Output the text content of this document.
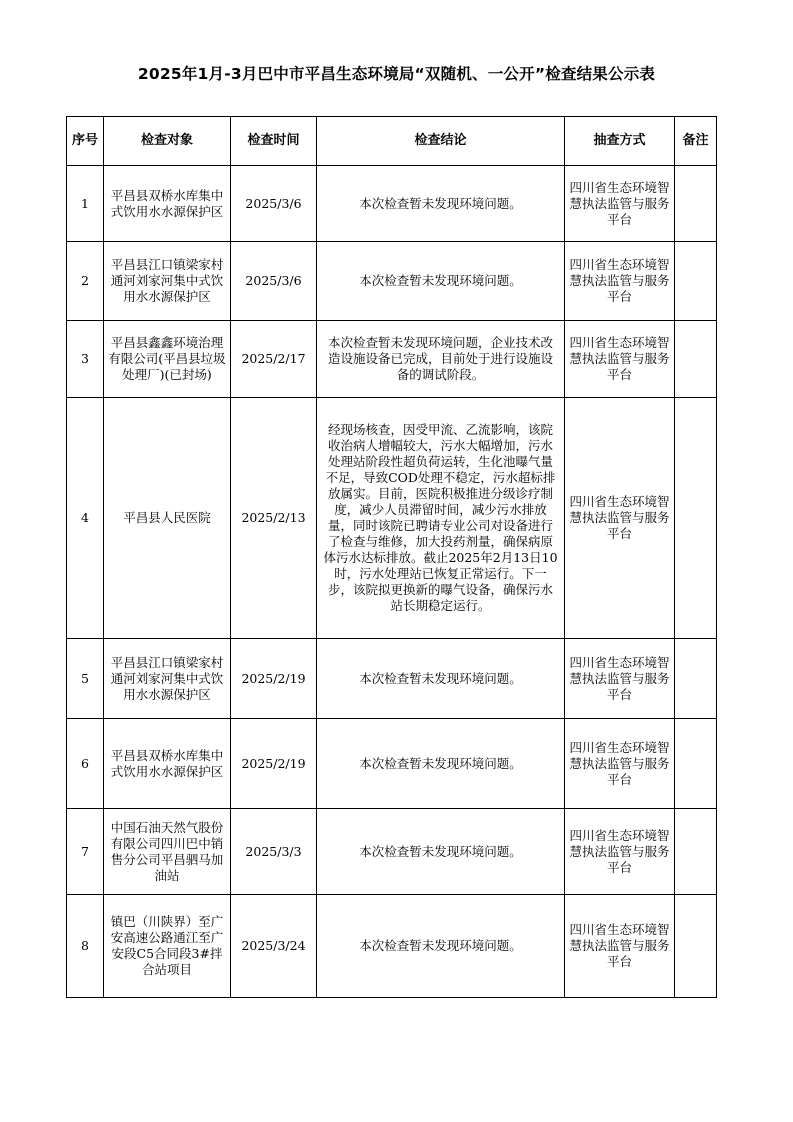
2025年1月-3月巴中市平昌生态环境局“双随机、一公开”检查结果公示表
序号	检查对象	检查时间	检查结论	抽查方式	备注
1	平昌县双桥水库集中式饮用水水源保护区	2025/3/6	本次检查暂未发现环境问题。	四川省生态环境智慧执法监管与服务平台	
2	平昌县江口镇梁家村通河刘家河集中式饮用水水源保护区	2025/3/6	本次检查暂未发现环境问题。	四川省生态环境智慧执法监管与服务平台	
3	平昌县鑫鑫环境治理有限公司(平昌县垃圾处理厂)(已封场)	2025/2/17	本次检查暂未发现环境问题，企业技术改造设施设备已完成，目前处于进行设施设备的调试阶段。	四川省生态环境智慧执法监管与服务平台	
4	平昌县人民医院	2025/2/13	经现场核查，因受甲流、乙流影响，该院收治病人增幅较大，污水大幅增加，污水处理站阶段性超负荷运转，生化池曝气量不足，导致COD处理不稳定，污水超标排放属实。目前，医院积极推进分级诊疗制度，减少人员滞留时间，减少污水排放量，同时该院已聘请专业公司对设备进行了检查与维修，加大投药剂量，确保病原体污水达标排放。截止2025年2月13日10时，污水处理站已恢复正常运行。下一步，该院拟更换新的曝气设备，确保污水站长期稳定运行。	四川省生态环境智慧执法监管与服务平台	
5	平昌县江口镇梁家村通河刘家河集中式饮用水水源保护区	2025/2/19	本次检查暂未发现环境问题。	四川省生态环境智慧执法监管与服务平台	
6	平昌县双桥水库集中式饮用水水源保护区	2025/2/19	本次检查暂未发现环境问题。	四川省生态环境智慧执法监管与服务平台	
7	中国石油天然气股份有限公司四川巴中销售分公司平昌驷马加油站	2025/3/3	本次检查暂未发现环境问题。	四川省生态环境智慧执法监管与服务平台	
8	镇巴（川陕界）至广安高速公路通江至广安段C5合同段3#拌合站项目	2025/3/24	本次检查暂未发现环境问题。	四川省生态环境智慧执法监管与服务平台	
